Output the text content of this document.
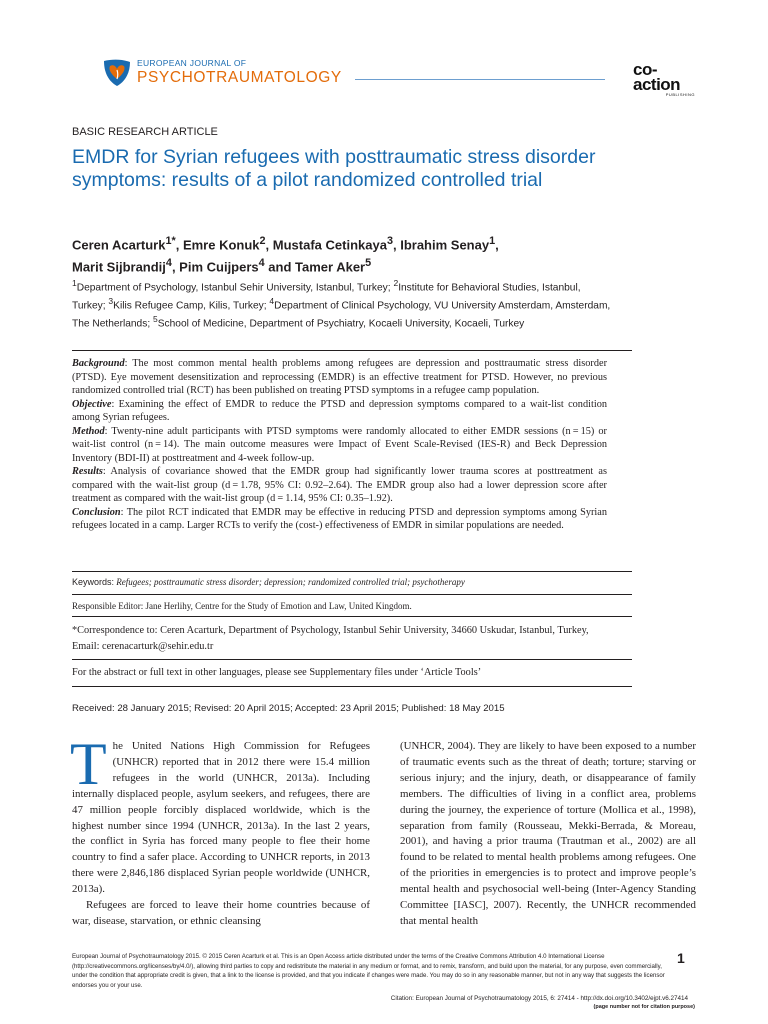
EUROPEAN JOURNAL OF
PSYCHOTRAUMATOLOGY	co-
action
PUBLISHING
BASIC RESEARCH ARTICLE
EMDR for Syrian refugees with posttraumatic stress disorder symptoms: results of a pilot randomized controlled trial
Ceren Acarturk$^{1*}$, Emre Konuk$^2$, Mustafa Cetinkaya$^3$, Ibrahim Senay$^1$,
Marit Sijbrandij$^4$, Pim Cuijpers$^4$ and Tamer Aker$^5$
$^1$Department of Psychology, Istanbul Sehir University, Istanbul, Turkey; $^2$Institute for Behavioral Studies, Istanbul, Turkey; $^3$Kilis Refugee Camp, Kilis, Turkey; $^4$Department of Clinical Psychology, VU University Amsterdam, Amsterdam, The Netherlands; $^5$School of Medicine, Department of Psychiatry, Kocaeli University, Kocaeli, Turkey

Background: The most common mental health problems among refugees are depression and posttraumatic stress disorder (PTSD). Eye movement desensitization and reprocessing (EMDR) is an effective treatment for PTSD. However, no previous randomized controlled trial (RCT) has been published on treating PTSD symptoms in a refugee camp population.

Objective: Examining the effect of EMDR to reduce the PTSD and depression symptoms compared to a wait-list condition among Syrian refugees.

Method: Twenty-nine adult participants with PTSD symptoms were randomly allocated to either EMDR sessions (n = 15) or wait-list control (n = 14). The main outcome measures were Impact of Event Scale-Revised (IES-R) and Beck Depression Inventory (BDI-II) at posttreatment and 4-week follow-up.

Results: Analysis of covariance showed that the EMDR group had significantly lower trauma scores at posttreatment as compared with the wait-list group (d = 1.78, 95% CI: 0.92–2.64). The EMDR group also had a lower depression score after treatment as compared with the wait-list group (d = 1.14, 95% CI: 0.35–1.92).

Conclusion: The pilot RCT indicated that EMDR may be effective in reducing PTSD and depression symptoms among Syrian refugees located in a camp. Larger RCTs to verify the (cost-) effectiveness of EMDR in similar populations are needed.

Keywords: Refugees; posttraumatic stress disorder; depression; randomized controlled trial; psychotherapy
Responsible Editor: Jane Herlihy, Centre for the Study of Emotion and Law, United Kingdom.
*Correspondence to: Ceren Acarturk, Department of Psychology, Istanbul Sehir University, 34660 Uskudar, Istanbul, Turkey, Email: cerenacarturk@sehir.edu.tr
For the abstract or full text in other languages, please see Supplementary files under ‘Article Tools’
Received: 28 January 2015; Revised: 20 April 2015; Accepted: 23 April 2015; Published: 18 May 2015

The United Nations High Commission for Refugees (UNHCR) reported that in 2012 there were 15.4 million refugees in the world (UNHCR, 2013a). Including internally displaced people, asylum seekers, and refugees, there are 47 million people forcibly displaced worldwide, which is the highest number since 1994 (UNHCR, 2013a). In the last 2 years, the conflict in Syria has forced many people to flee their home country to find a safer place. According to UNHCR reports, in 2013 there were 2,846,186 displaced Syrian people worldwide (UNHCR, 2013a).

Refugees are forced to leave their home countries because of war, disease, starvation, or ethnic cleansing

(UNHCR, 2004). They are likely to have been exposed to a number of traumatic events such as the threat of death; torture; starving or serious injury; and the injury, death, or disappearance of family members. The difficulties of living in a conflict area, problems during the journey, the experience of torture (Mollica et al., 1998), separation from family (Rousseau, Mekki-Berrada, & Moreau, 2001), and having a prior trauma (Trautman et al., 2002) are all found to be related to mental health problems among refugees. One of the priorities in emergencies is to protect and improve people’s mental health and psychosocial well-being (Inter-Agency Standing Committee [IASC], 2007). Recently, the UNHCR recommended that mental health

European Journal of Psychotraumatology 2015. © 2015 Ceren Acarturk et al. This is an Open Access article distributed under the terms of the Creative Commons Attribution 4.0 International License (http://creativecommons.org/licenses/by/4.0/), allowing third parties to copy and redistribute the material in any medium or format, and to remix, transform, and build upon the material, for any purpose, even commercially, under the condition that appropriate credit is given, that a link to the license is provided, and that you indicate if changes were made. You may do so in any reasonable manner, but not in any way that suggests the licensor endorses you or your use.
1
Citation: European Journal of Psychotraumatology 2015, 6: 27414 - http://dx.doi.org/10.3402/ejpt.v6.27414
(page number not for citation purpose)
